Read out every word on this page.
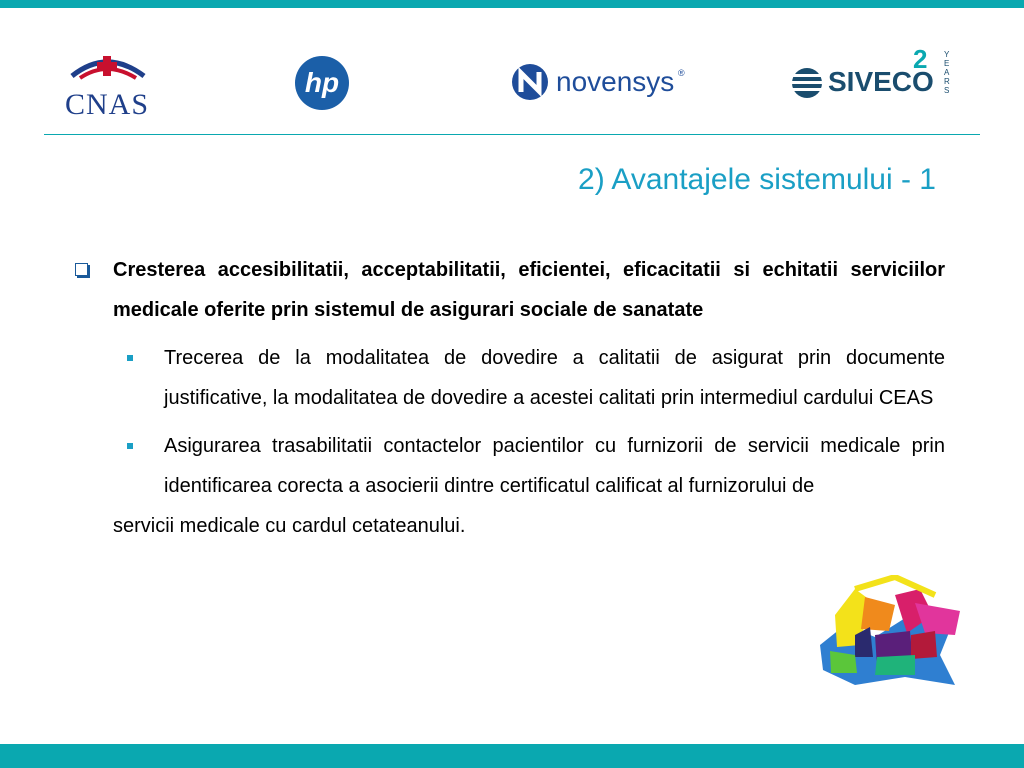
CNAS
hp	novensys ®	SIVECO
2 YEARS
2) Avantajele sistemului - 1
Cresterea accesibilitatii, acceptabilitatii, eficientei, eficacitatii si echitatii serviciilor medicale oferite prin sistemul de asigurari sociale de sanatate
Trecerea de la modalitatea de dovedire a calitatii de asigurat prin documente justificative, la modalitatea de dovedire a acestei calitati prin intermediul cardului CEAS
Asigurarea trasabilitatii contactelor pacientilor cu furnizorii de servicii medicale prin identificarea corecta a asocierii dintre certificatul calificat al furnizorului de
servicii medicale cu cardul cetateanului.
